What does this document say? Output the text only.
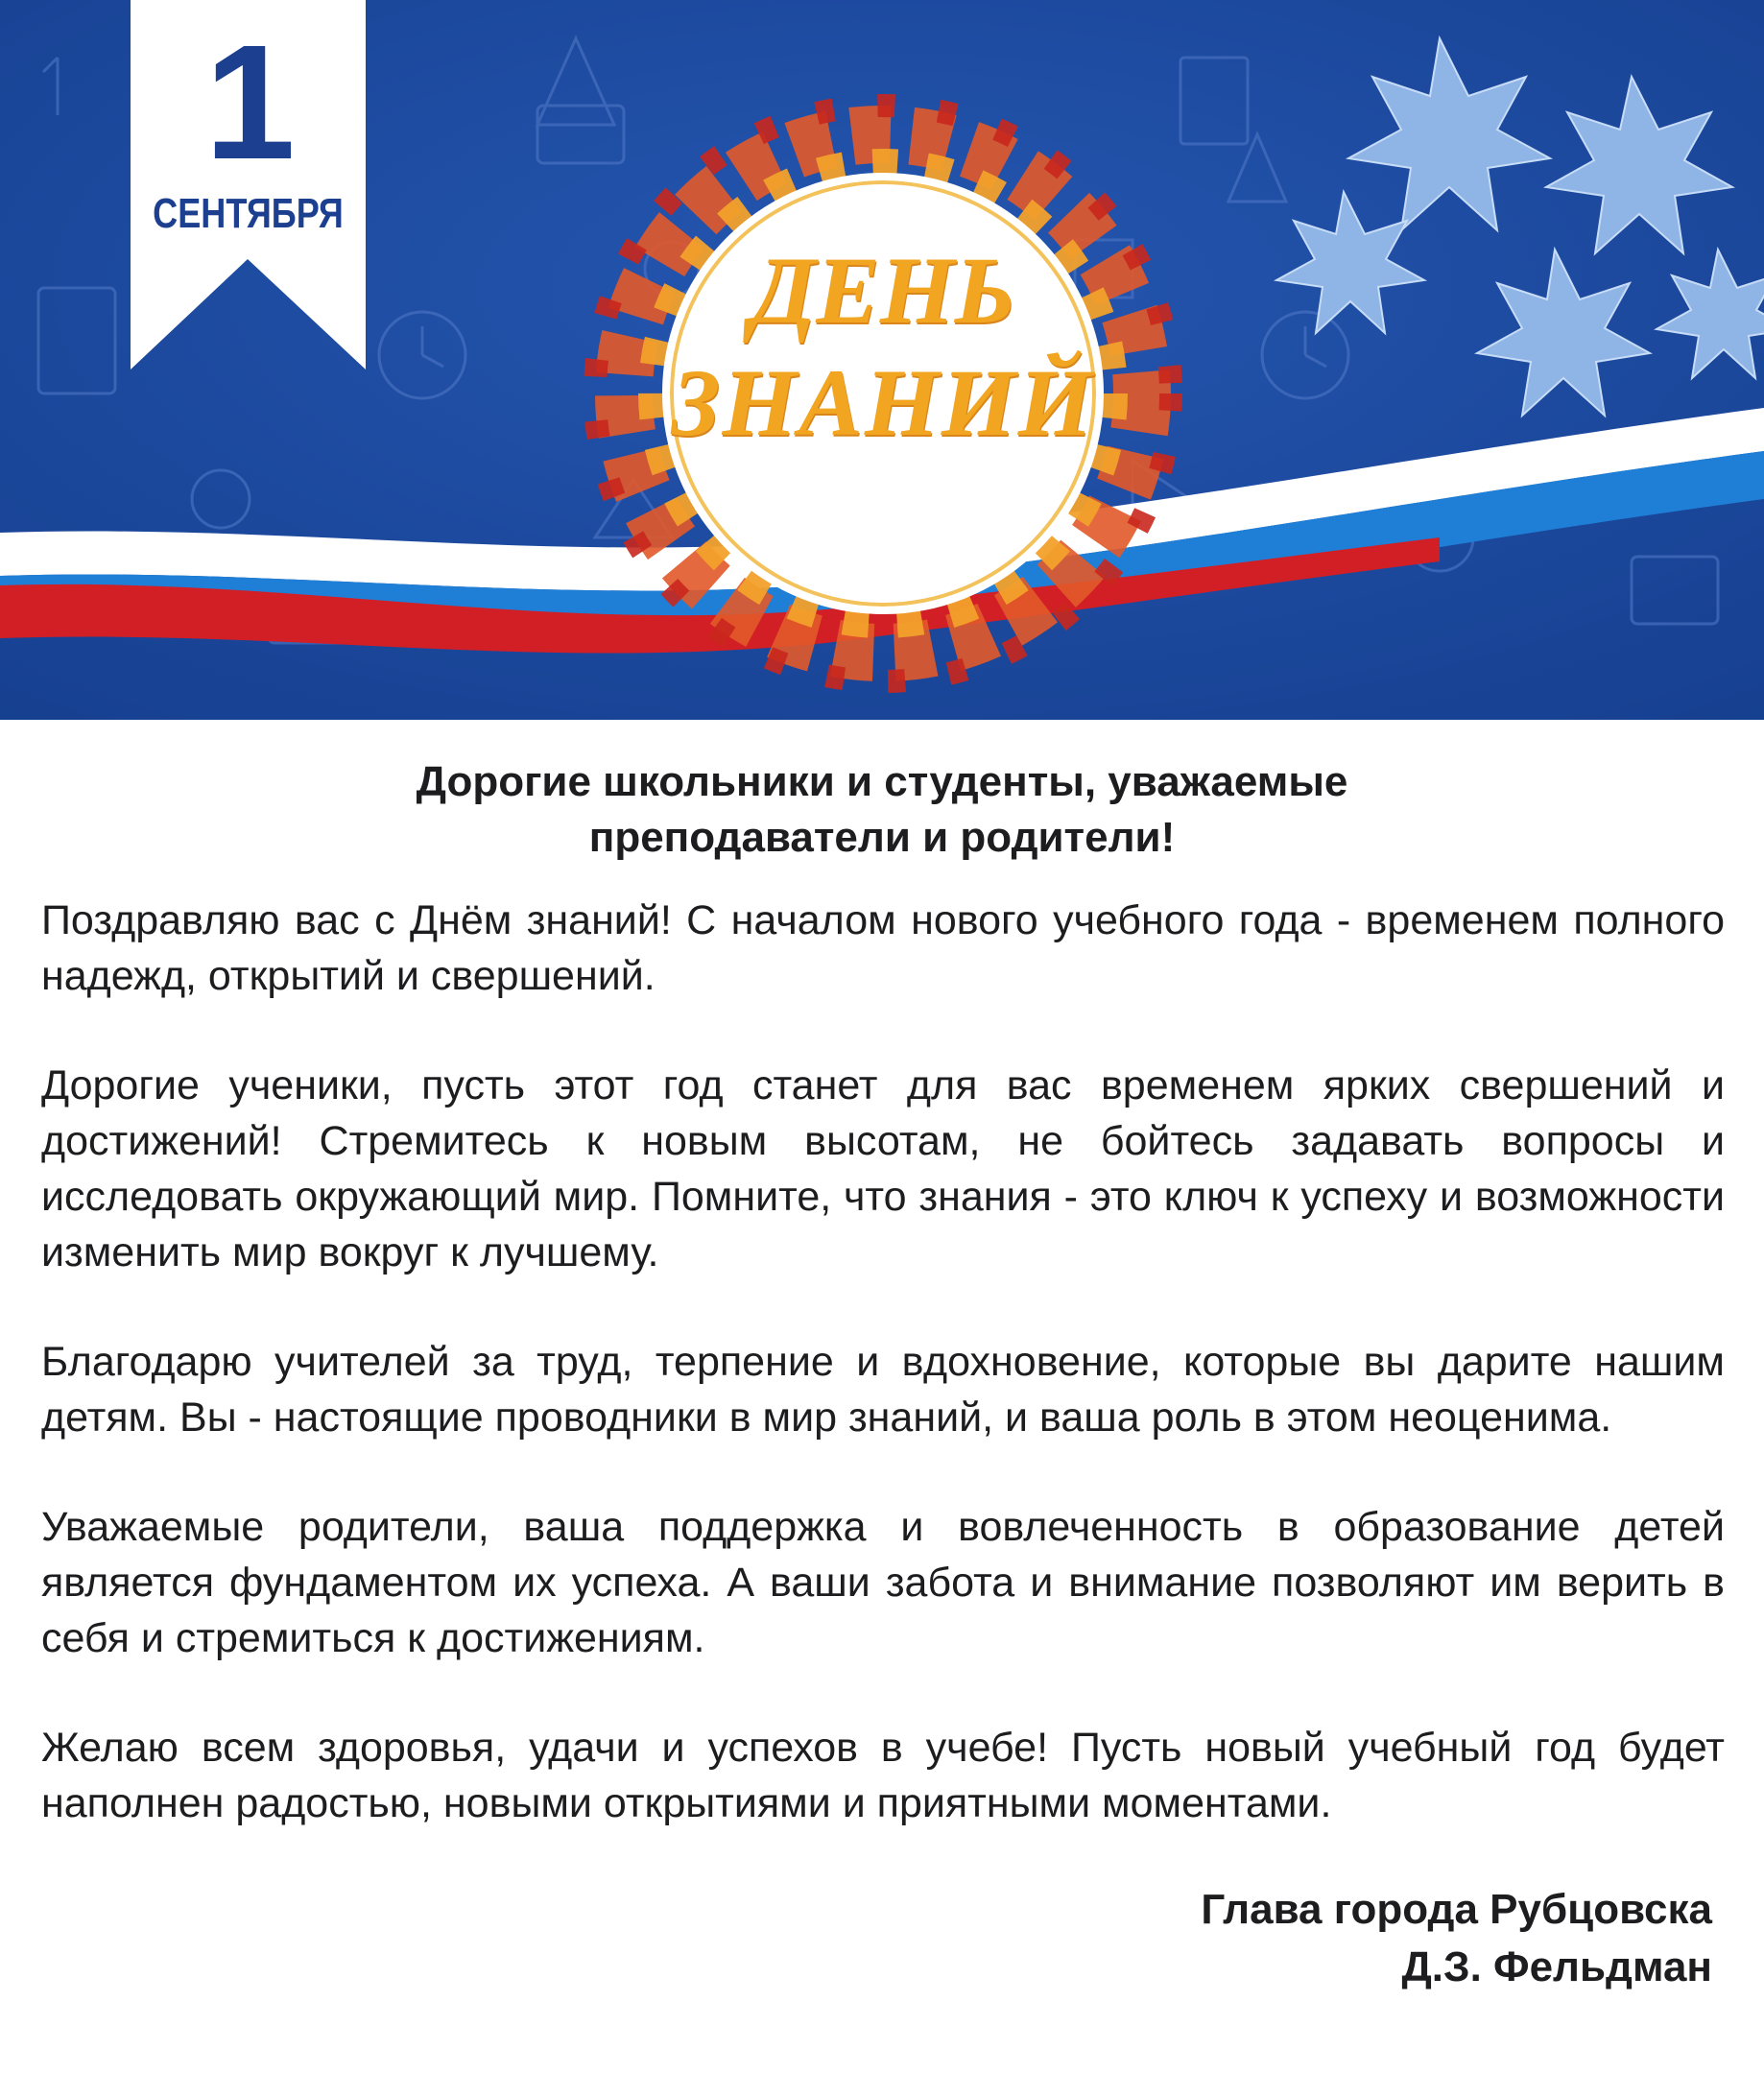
1
СЕНТЯБРЯ
ДЕНЬ
ЗНАНИЙ
Дорогие школьники и студенты, уважаемые
преподаватели и родители!

Поздравляю вас с Днём знаний! С началом нового учебного года - временем полного надежд, открытий и свершений.

Дорогие ученики, пусть этот год станет для вас временем ярких свершений и достижений! Стремитесь к новым высотам, не бойтесь задавать вопросы и исследовать окружающий мир. Помните, что знания - это ключ к успеху и возможности изменить мир вокруг к лучшему.

Благодарю учителей за труд, терпение и вдохновение, которые вы дарите нашим детям. Вы - настоящие проводники в мир знаний, и ваша роль в этом неоценима.

Уважаемые родители, ваша поддержка и вовлеченность в образование детей является фундаментом их успеха. А ваши забота и внимание позволяют им верить в себя и стремиться к достижениям.

Желаю всем здоровья, удачи и успехов в учебе! Пусть новый учебный год будет наполнен радостью, новыми открытиями и приятными моментами.

Глава города Рубцовска
Д.З. Фельдман
